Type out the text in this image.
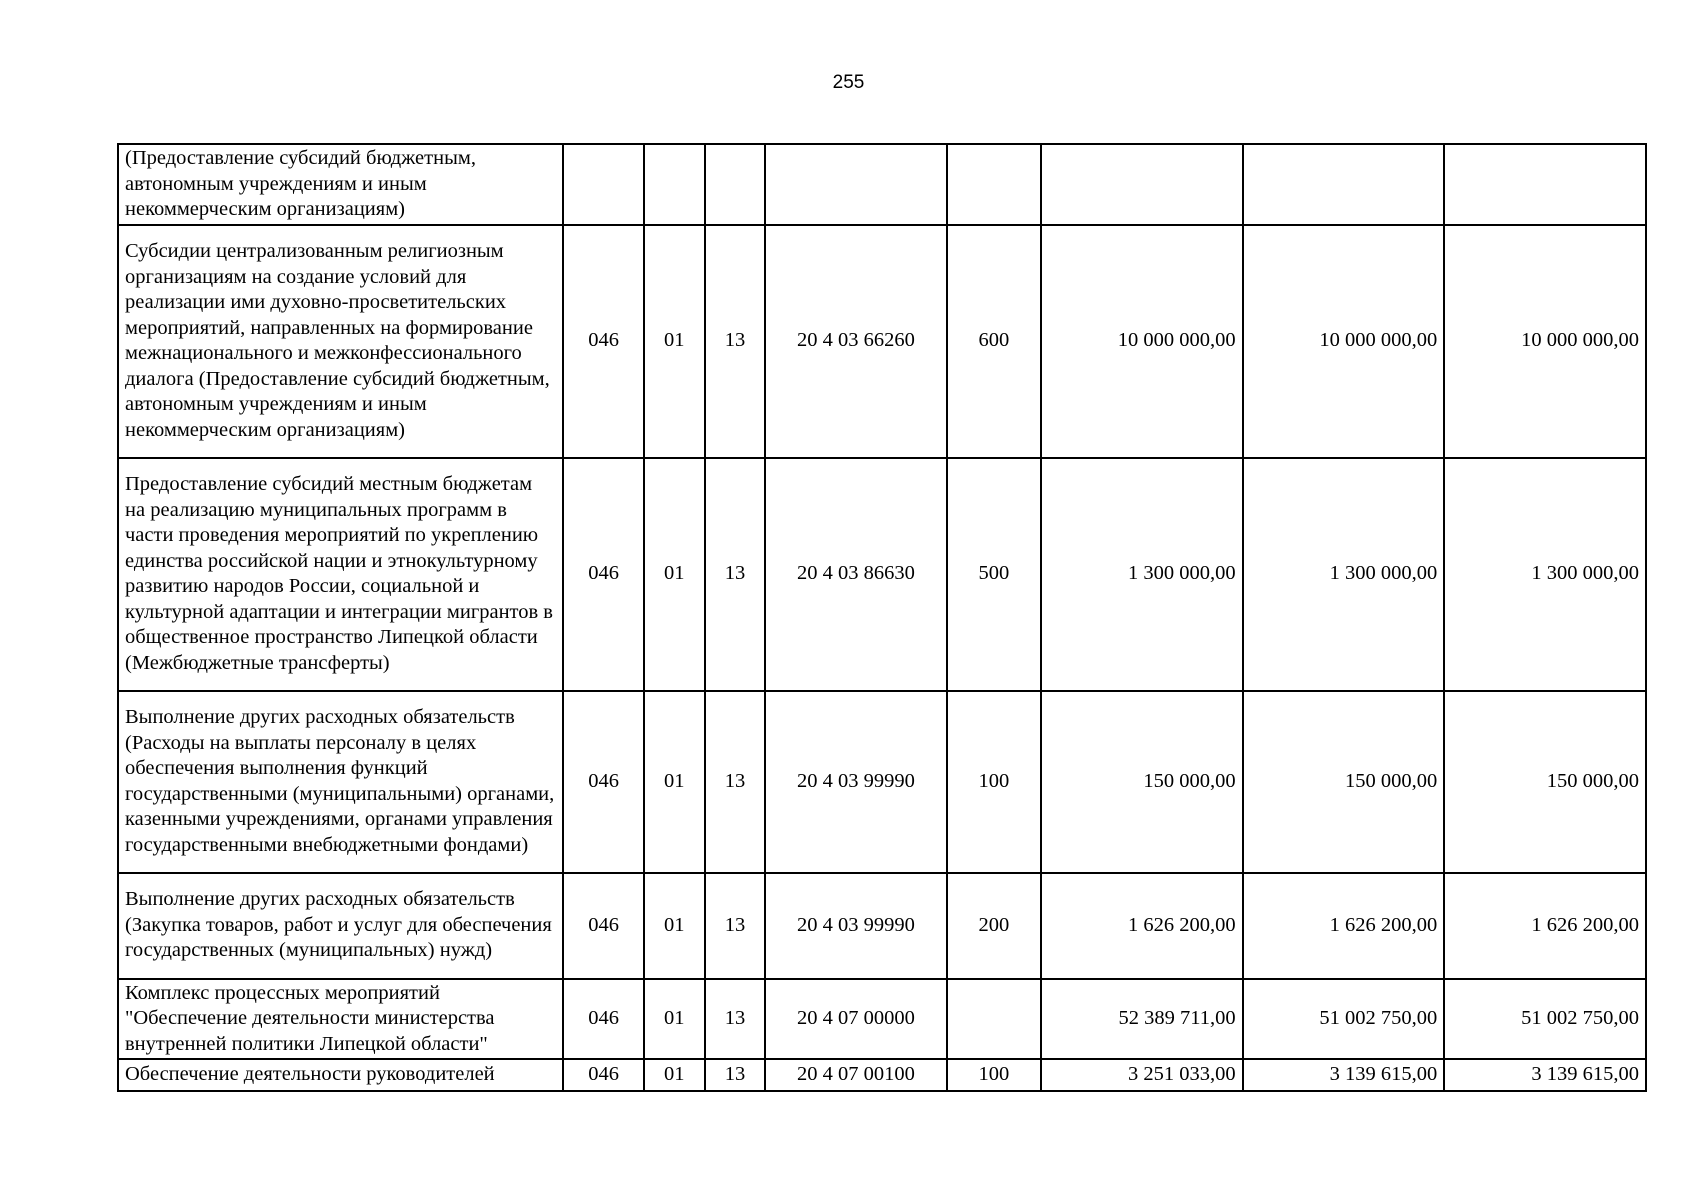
255
(Предоставление субсидий бюджетным, автономным учреждениям и иным некоммерческим организациям)								
Субсидии централизованным религиозным организациям на создание условий для реализации ими духовно-просветительских мероприятий, направленных на формирование межнационального и межконфессионального диалога (Предоставление субсидий бюджетным, автономным учреждениям и иным некоммерческим организациям)	046	01	13	20 4 03 66260	600	10 000 000,00	10 000 000,00	10 000 000,00
Предоставление субсидий местным бюджетам на реализацию муниципальных программ в части проведения мероприятий по укреплению единства российской нации и этнокультурному развитию народов России, социальной и культурной адаптации и интеграции мигрантов в общественное пространство Липецкой области (Межбюджетные трансферты)	046	01	13	20 4 03 86630	500	1 300 000,00	1 300 000,00	1 300 000,00
Выполнение других расходных обязательств (Расходы на выплаты персоналу в целях обеспечения выполнения функций государственными (муниципальными) органами, казенными учреждениями, органами управления государственными внебюджетными фондами)	046	01	13	20 4 03 99990	100	150 000,00	150 000,00	150 000,00
Выполнение других расходных обязательств (Закупка товаров, работ и услуг для обеспечения государственных (муниципальных) нужд)	046	01	13	20 4 03 99990	200	1 626 200,00	1 626 200,00	1 626 200,00
Комплекс процессных мероприятий "Обеспечение деятельности министерства внутренней политики Липецкой области"	046	01	13	20 4 07 00000		52 389 711,00	51 002 750,00	51 002 750,00
Обеспечение деятельности руководителей	046	01	13	20 4 07 00100	100	3 251 033,00	3 139 615,00	3 139 615,00
